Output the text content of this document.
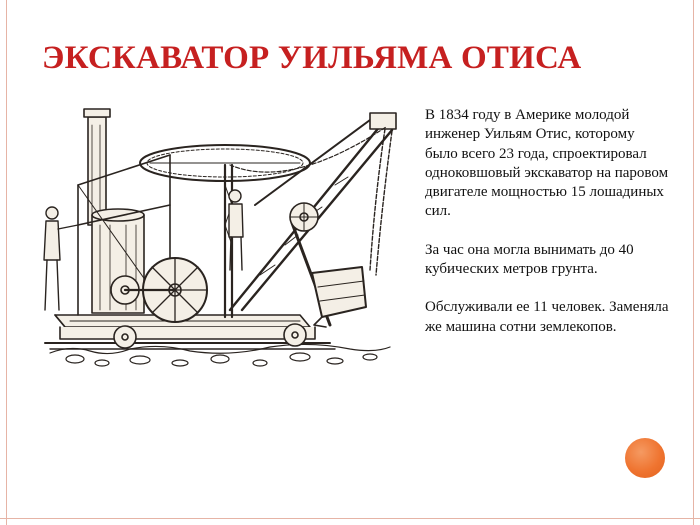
ЭКСКАВАТОР УИЛЬЯМА ОТИСА

В 1834 году в Америке молодой инженер Уильям Отис, которому было всего 23 года, спроектировал одноковшовый экскаватор на паровом двигателе мощностью 15 лошадиных сил.

За час она могла вынимать до 40 кубических метров грунта.

Обслуживали ее 11 человек. Заменяла же машина сотни землекопов.
